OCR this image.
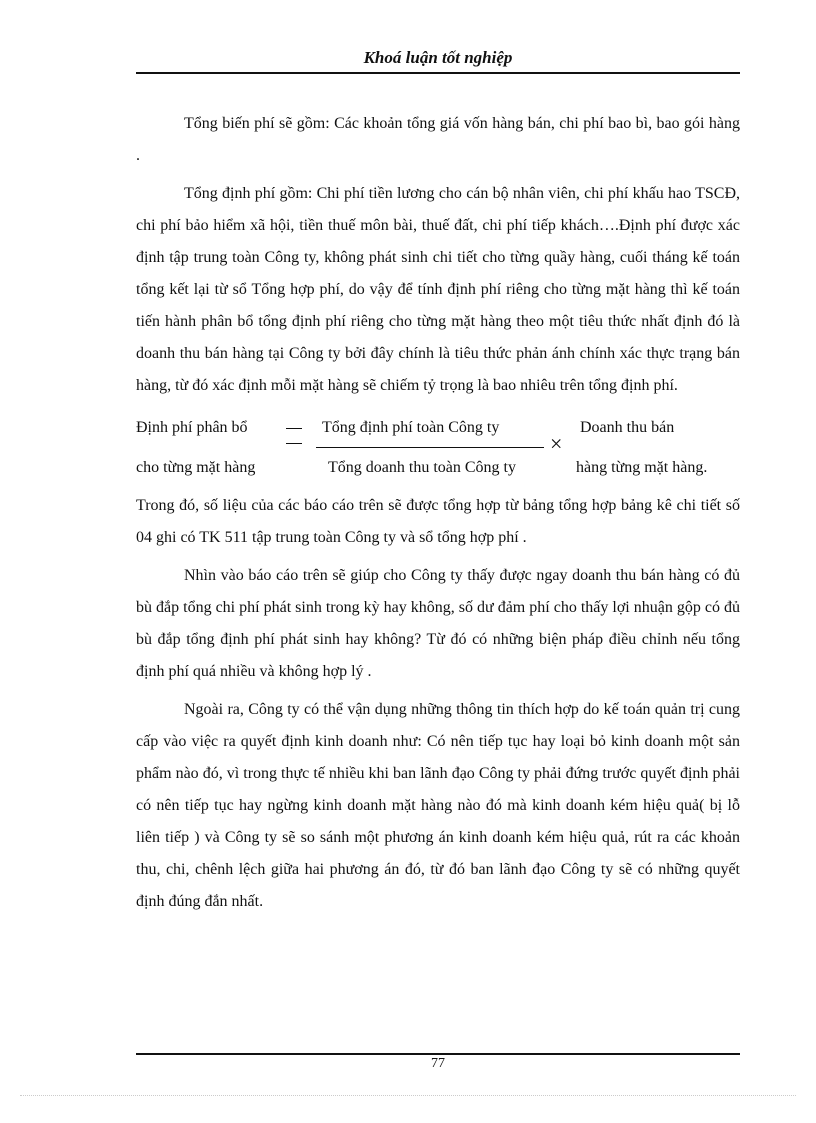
Khoá luận tốt nghiệp

Tổng biến phí sẽ gồm: Các khoản tổng giá vốn hàng bán, chi phí bao bì, bao gói hàng .

Tổng định phí gồm: Chi phí tiền lương cho cán bộ nhân viên, chi phí khấu hao TSCĐ, chi phí bảo hiểm xã hội, tiền thuế môn bài, thuế đất, chi phí tiếp khách….Định phí được xác định tập trung toàn Công ty, không phát sinh chi tiết cho từng quầy hàng, cuối tháng kế toán tổng kết lại từ sổ Tổng hợp phí, do vậy để tính định phí riêng cho từng mặt hàng thì kế toán tiến hành phân bổ tổng định phí riêng cho từng mặt hàng theo một tiêu thức nhất định đó là doanh thu bán hàng tại Công ty bởi đây chính là tiêu thức phản ánh chính xác thực trạng bán hàng, từ đó xác định mỗi mặt hàng sẽ chiếm tỷ trọng là bao nhiêu trên tổng định phí.

Định phí phân bổ
cho từng mặt hàng
Tổng định phí toàn Công ty
Tổng doanh thu toàn Công ty
×
Doanh thu bán
hàng từng mặt hàng.

Trong đó, số liệu của các báo cáo trên sẽ được tổng hợp từ bảng tổng hợp bảng kê chi tiết số 04 ghi có TK 511 tập trung toàn Công ty và sổ tổng hợp phí .

Nhìn vào báo cáo trên sẽ giúp cho Công ty thấy được ngay doanh thu bán hàng có đủ bù đắp tổng chi phí phát sinh trong kỳ hay không, số dư đảm phí cho thấy lợi nhuận gộp có đủ bù đắp tổng định phí phát sinh hay không? Từ đó có những biện pháp điều chỉnh nếu tổng định phí quá nhiều và không hợp lý .

Ngoài ra, Công ty có thể vận dụng những thông tin thích hợp do kế toán quản trị cung cấp vào việc ra quyết định kinh doanh như: Có nên tiếp tục hay loại bỏ kinh doanh một sản phẩm nào đó, vì trong thực tế nhiều khi ban lãnh đạo Công ty phải đứng trước quyết định phải có nên tiếp tục hay ngừng kinh doanh mặt hàng nào đó mà kinh doanh kém hiệu quả( bị lỗ liên tiếp ) và Công ty sẽ so sánh một phương án kinh doanh kém hiệu quả, rút ra các khoản thu, chi, chênh lệch giữa hai phương án đó, từ đó ban lãnh đạo Công ty sẽ có những quyết định đúng đắn nhất.

77
